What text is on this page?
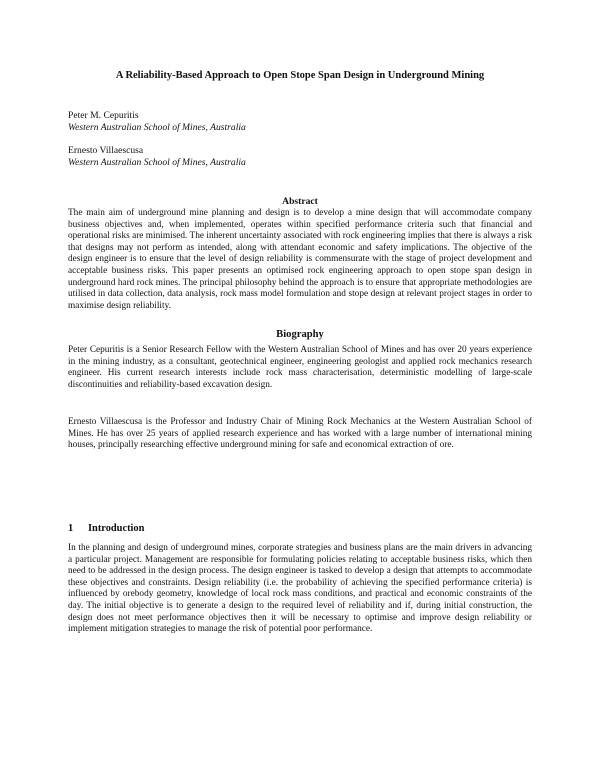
A Reliability-Based Approach to Open Stope Span Design in Underground Mining
Peter M. Cepuritis
Western Australian School of Mines, Australia
Ernesto Villaescusa
Western Australian School of Mines, Australia
Abstract
The main aim of underground mine planning and design is to develop a mine design that will accommodate company business objectives and, when implemented, operates within specified performance criteria such that financial and operational risks are minimised. The inherent uncertainty associated with rock engineering implies that there is always a risk that designs may not perform as intended, along with attendant economic and safety implications. The objective of the design engineer is to ensure that the level of design reliability is commensurate with the stage of project development and acceptable business risks. This paper presents an optimised rock engineering approach to open stope span design in underground hard rock mines. The principal philosophy behind the approach is to ensure that appropriate methodologies are utilised in data collection, data analysis, rock mass model formulation and stope design at relevant project stages in order to maximise design reliability.
Biography
Peter Cepuritis is a Senior Research Fellow with the Western Australian School of Mines and has over 20 years experience in the mining industry, as a consultant, geotechnical engineer, engineering geologist and applied rock mechanics research engineer. His current research interests include rock mass characterisation, deterministic modelling of large-scale discontinuities and reliability-based excavation design.
Ernesto Villaescusa is the Professor and Industry Chair of Mining Rock Mechanics at the Western Australian School of Mines. He has over 25 years of applied research experience and has worked with a large number of international mining houses, principally researching effective underground mining for safe and economical extraction of ore.
1 Introduction
In the planning and design of underground mines, corporate strategies and business plans are the main drivers in advancing a particular project. Management are responsible for formulating policies relating to acceptable business risks, which then need to be addressed in the design process. The design engineer is tasked to develop a design that attempts to accommodate these objectives and constraints. Design reliability (i.e. the probability of achieving the specified performance criteria) is influenced by orebody geometry, knowledge of local rock mass conditions, and practical and economic constraints of the day. The initial objective is to generate a design to the required level of reliability and if, during initial construction, the design does not meet performance objectives then it will be necessary to optimise and improve design reliability or implement mitigation strategies to manage the risk of potential poor performance.
